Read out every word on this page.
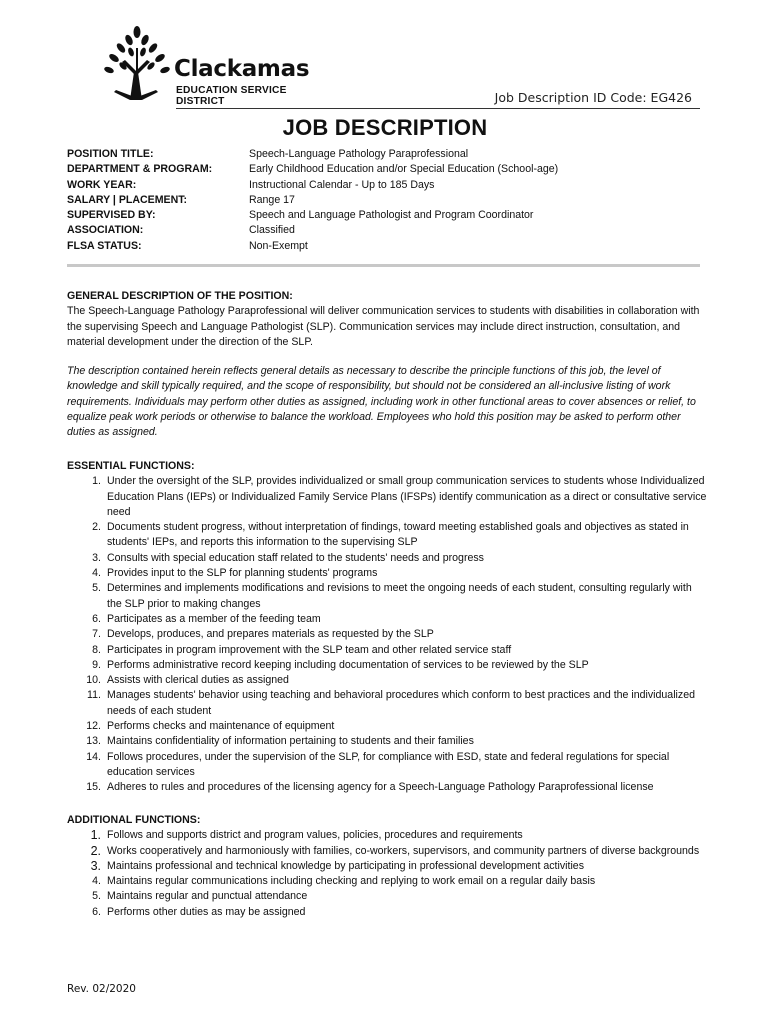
Clackamas
EDUCATION SERVICE DISTRICT	Job Description ID Code: EG426
JOB DESCRIPTION
POSITION TITLE:	Speech-Language Pathology Paraprofessional
DEPARTMENT & PROGRAM:	Early Childhood Education and/or Special Education (School-age)
WORK YEAR:	Instructional Calendar - Up to 185 Days
SALARY | PLACEMENT:	Range 17
SUPERVISED BY:	Speech and Language Pathologist and Program Coordinator
ASSOCIATION:	Classified
FLSA STATUS:	Non-Exempt
GENERAL DESCRIPTION OF THE POSITION:
The Speech-Language Pathology Paraprofessional will deliver communication services to students with disabilities in collaboration with the supervising Speech and Language Pathologist (SLP). Communication services may include direct instruction, consultation, and material development under the direction of the SLP.
The description contained herein reflects general details as necessary to describe the principle functions of this job, the level of knowledge and skill typically required, and the scope of responsibility, but should not be considered an all-inclusive listing of work requirements. Individuals may perform other duties as assigned, including work in other functional areas to cover absences or relief, to equalize peak work periods or otherwise to balance the workload. Employees who hold this position may be asked to perform other duties as assigned.
ESSENTIAL FUNCTIONS:
1. Under the oversight of the SLP, provides individualized or small group communication services to students whose Individualized Education Plans (IEPs) or Individualized Family Service Plans (IFSPs) identify communication as a direct or consultative service need
2. Documents student progress, without interpretation of findings, toward meeting established goals and objectives as stated in students' IEPs, and reports this information to the supervising SLP
3. Consults with special education staff related to the students' needs and progress
4. Provides input to the SLP for planning students' programs
5. Determines and implements modifications and revisions to meet the ongoing needs of each student, consulting regularly with the SLP prior to making changes
6. Participates as a member of the feeding team
7. Develops, produces, and prepares materials as requested by the SLP
8. Participates in program improvement with the SLP team and other related service staff
9. Performs administrative record keeping including documentation of services to be reviewed by the SLP
10. Assists with clerical duties as assigned
11. Manages students' behavior using teaching and behavioral procedures which conform to best practices and the individualized needs of each student
12. Performs checks and maintenance of equipment
13. Maintains confidentiality of information pertaining to students and their families
14. Follows procedures, under the supervision of the SLP, for compliance with ESD, state and federal regulations for special education services
15. Adheres to rules and procedures of the licensing agency for a Speech-Language Pathology Paraprofessional license
ADDITIONAL FUNCTIONS:
1. Follows and supports district and program values, policies, procedures and requirements
2. Works cooperatively and harmoniously with families, co-workers, supervisors, and community partners of diverse backgrounds
3. Maintains professional and technical knowledge by participating in professional development activities
4. Maintains regular communications including checking and replying to work email on a regular daily basis
5. Maintains regular and punctual attendance
6. Performs other duties as may be assigned
Rev. 02/2020
